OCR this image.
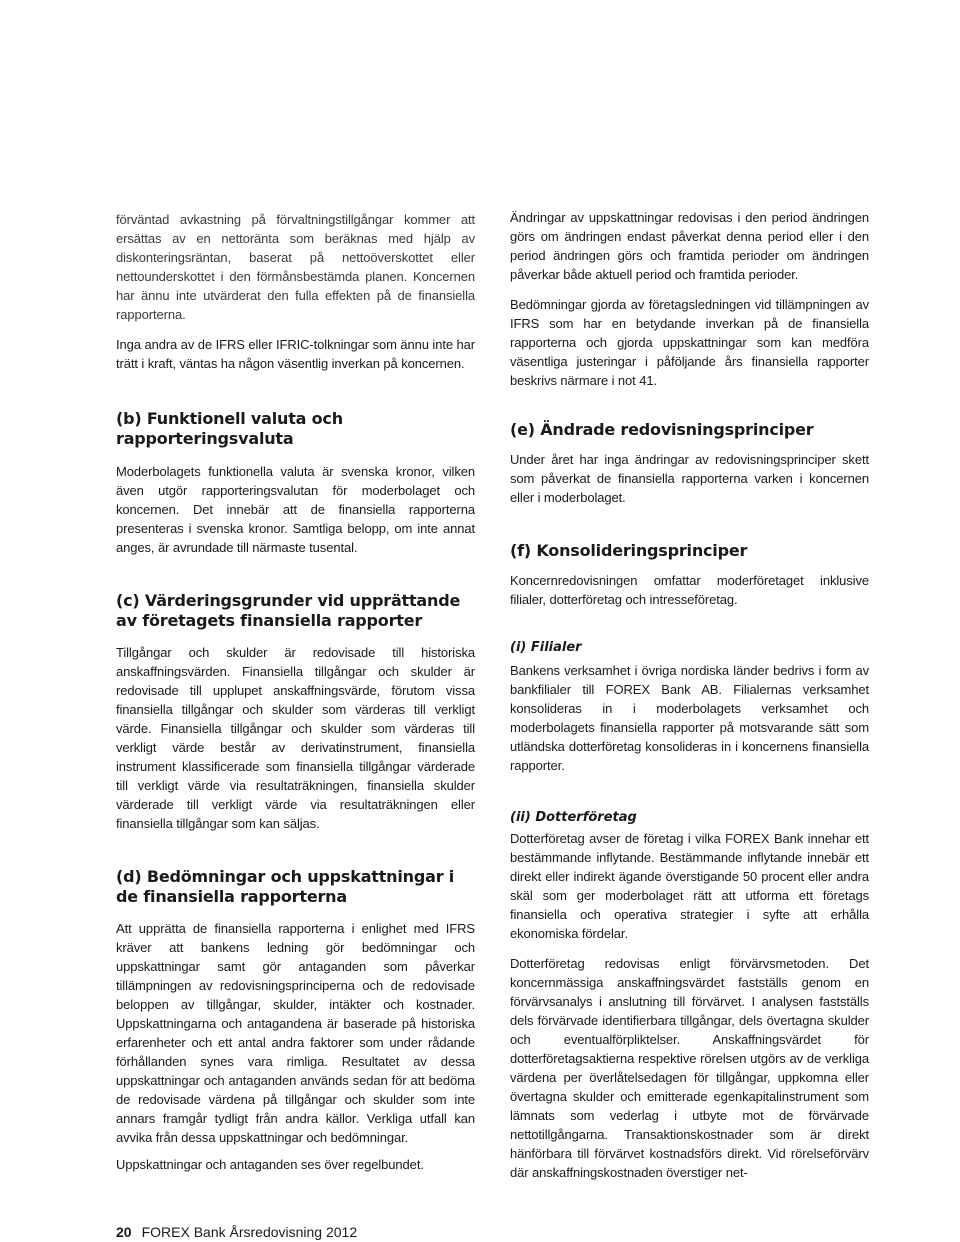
förväntad avkastning på förvaltningstillgångar kommer att ersättas av en nettoränta som beräknas med hjälp av diskonteringsräntan, baserat på nettoöverskottet eller nettounderskottet i den förmånsbestämda planen. Koncernen har ännu inte utvärderat den fulla effekten på de finansiella rapporterna.

Inga andra av de IFRS eller IFRIC-tolkningar som ännu inte har trätt i kraft, väntas ha någon väsentlig inverkan på koncernen.

(b) Funktionell valuta och rapporteringsvaluta

Moderbolagets funktionella valuta är svenska kronor, vilken även utgör rapporteringsvalutan för moderbolaget och koncernen. Det innebär att de finansiella rapporterna presenteras i svenska kronor. Samtliga belopp, om inte annat anges, är avrundade till närmaste tusental.

(c) Värderingsgrunder vid upprättande av företagets finansiella rapporter

Tillgångar och skulder är redovisade till historiska anskaffningsvärden. Finansiella tillgångar och skulder är redovisade till upplupet anskaffningsvärde, förutom vissa finansiella tillgångar och skulder som värderas till verkligt värde. Finansiella tillgångar och skulder som värderas till verkligt värde består av derivatinstrument, finansiella instrument klassificerade som finansiella tillgångar värderade till verkligt värde via resultaträkningen, finansiella skulder värderade till verkligt värde via resultaträkningen eller finansiella tillgångar som kan säljas.

(d) Bedömningar och uppskattningar i de finansiella rapporterna

Att upprätta de finansiella rapporterna i enlighet med IFRS kräver att bankens ledning gör bedömningar och uppskattningar samt gör antaganden som påverkar tillämpningen av redovisningsprinciperna och de redovisade beloppen av tillgångar, skulder, intäkter och kostnader. Uppskattningarna och antagandena är baserade på historiska erfarenheter och ett antal andra faktorer som under rådande förhållanden synes vara rimliga. Resultatet av dessa uppskattningar och antaganden används sedan för att bedöma de redovisade värdena på tillgångar och skulder som inte annars framgår tydligt från andra källor. Verkliga utfall kan avvika från dessa uppskattningar och bedömningar.

Uppskattningar och antaganden ses över regelbundet.

Ändringar av uppskattningar redovisas i den period ändringen görs om ändringen endast påverkat denna period eller i den period ändringen görs och framtida perioder om ändringen påverkar både aktuell period och framtida perioder.

Bedömningar gjorda av företagsledningen vid tillämpningen av IFRS som har en betydande inverkan på de finansiella rapporterna och gjorda uppskattningar som kan medföra väsentliga justeringar i påföljande års finansiella rapporter beskrivs närmare i not 41.

(e) Ändrade redovisningsprinciper

Under året har inga ändringar av redovisningsprinciper skett som påverkat de finansiella rapporterna varken i koncernen eller i moderbolaget.

(f) Konsolideringsprinciper

Koncernredovisningen omfattar moderföretaget inklusive filialer, dotterföretag och intresseföretag.

(i) Filialer

Bankens verksamhet i övriga nordiska länder bedrivs i form av bankfilialer till FOREX Bank AB. Filialernas verksamhet konsolideras in i moderbolagets verksamhet och moderbolagets finansiella rapporter på motsvarande sätt som utländska dotterföretag konsolideras in i koncernens finansiella rapporter.

(ii) Dotterföretag

Dotterföretag avser de företag i vilka FOREX Bank innehar ett bestämmande inflytande. Bestämmande inflytande innebär ett direkt eller indirekt ägande överstigande 50 procent eller andra skäl som ger moderbolaget rätt att utforma ett företags finansiella och operativa strategier i syfte att erhålla ekonomiska fördelar.

Dotterföretag redovisas enligt förvärvsmetoden. Det koncernmässiga anskaffningsvärdet fastställs genom en förvärvsanalys i anslutning till förvärvet. I analysen fastställs dels förvärvade identifierbara tillgångar, dels övertagna skulder och eventualförpliktelser. Anskaffningsvärdet för dotterföretagsaktierna respektive rörelsen utgörs av de verkliga värdena per överlåtelsedagen för tillgångar, uppkomna eller övertagna skulder och emitterade egenkapitalinstrument som lämnats som vederlag i utbyte mot de förvärvade nettotillgångarna. Transaktionskostnader som är direkt hänförbara till förvärvet kostnadsförs direkt. Vid rörelseförvärv där anskaffningskostnaden överstiger net-

20 FOREX Bank Årsredovisning 2012
